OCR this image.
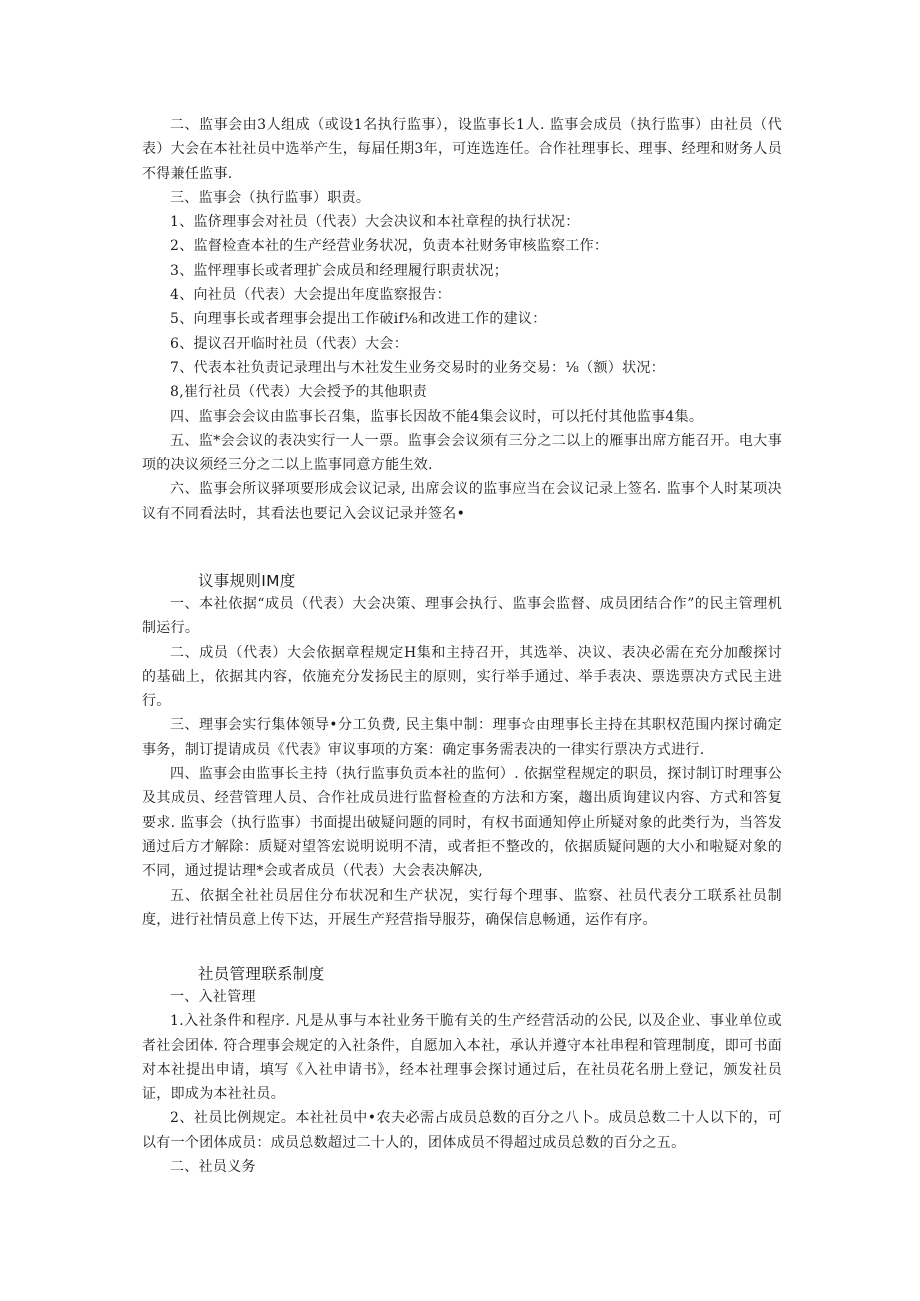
二、监事会由3人组成（或设1名执行监事），设监事长1人. 监事会成员（执行监事）由社员（代表）大会在本社社员中选举产生，每届任期3年，可连选连任。合作社理事长、理事、经理和财务人员不得兼任监事.

三、监事会（执行监事）职责。

1、监侪理事会对社员（代表）大会决议和本社章程的执行状况：

2、监督检查本社的生产经营业务状况，负责本社财务审核监察工作：

3、监怦理事长或者理扩会成员和经理履行职责状况；

4、向社员（代表）大会提出年度监察报告：

5、向理事长或者理事会提出工作破if⅛和改进工作的建议：

6、提议召开临时社员（代表）大会：

7、代表本社负责记录理出与木社发生业务交易时的业务交易：⅛（额）状况：

8,崔行社员（代表）大会授予的其他职责

四、监事会会议由监事长召集，监事长因故不能4集会议时，可以托付其他监事4集。

五、监*会会议的表决实行一人一票。监事会会议须有三分之二以上的雁事出席方能召开。电大事项的决议须经三分之二以上监事同意方能生效.

六、监事会所议驿项要形成会议记录, 出席会议的监事应当在会议记录上签名. 监事个人时某项决议有不同看法时，其看法也要记入会议记录并签名•

议事规则IM度

一、本社依据“成员（代表）大会决策、理事会执行、监事会监督、成员团结合作”的民主管理机制运行。

二、成员（代表）大会依据章程规定H集和主持召开，其选举、决议、表决必需在充分加酸探讨的基础上，依据其内容，依施充分发扬民主的原则，实行举手通过、举手表决、票选票决方式民主进行。

三、理事会实行集体领导•分工负费, 民主集中制：理事☆由理事长主持在其职权范围内探讨确定事务，制订提请成员《代表》审议事项的方案：确定事务需表决的一律实行票决方式进行.

四、监事会由监事长主持（执行监事负贡本社的监何）. 依据堂程规定的职员，探讨制订时理事公及其成员、经营管理人员、合作社成员进行监督检查的方法和方案，趨出质询建议内容、方式和答复要求. 监事会（执行监事）书面提出破疑问题的同时，有权书面通知停止所疑对象的此类行为，当答发通过后方才解除：质疑对望答宏说明说明不清，或者拒不整改的，依据质疑问题的大小和啦疑对象的不同，通过提诂理*会或者成员（代表）大会表决解决,

五、依据全社社员居住分布状况和生产状况，实行每个理事、监察、社员代表分工联系社员制度，进行社情员意上传下达，开展生产羟营指导服芬，确保信息畅通，运作有序。

社员管理联系制度

一、入社管理

1.入社条件和程序. 凡是从事与本社业务干脆有关的生产经营活动的公民, 以及企业、事业单位或者社会团体. 符合理事会规定的入社条件，自愿加入本社，承认并遵守本社串程和管理制度，即可书面对本社提出申请，填写《入社申请书》，经本社理事会探讨通过后，在社员花名册上登记，颁发社员证，即成为本社社员。

2、社员比例规定。本社社员中•农夫必需占成员总数的百分之八卜。成员总数二十人以下的，可以有一个团体成员：成员总数超过二十人的，团体成员不得超过成员总数的百分之五。

二、社员义务
